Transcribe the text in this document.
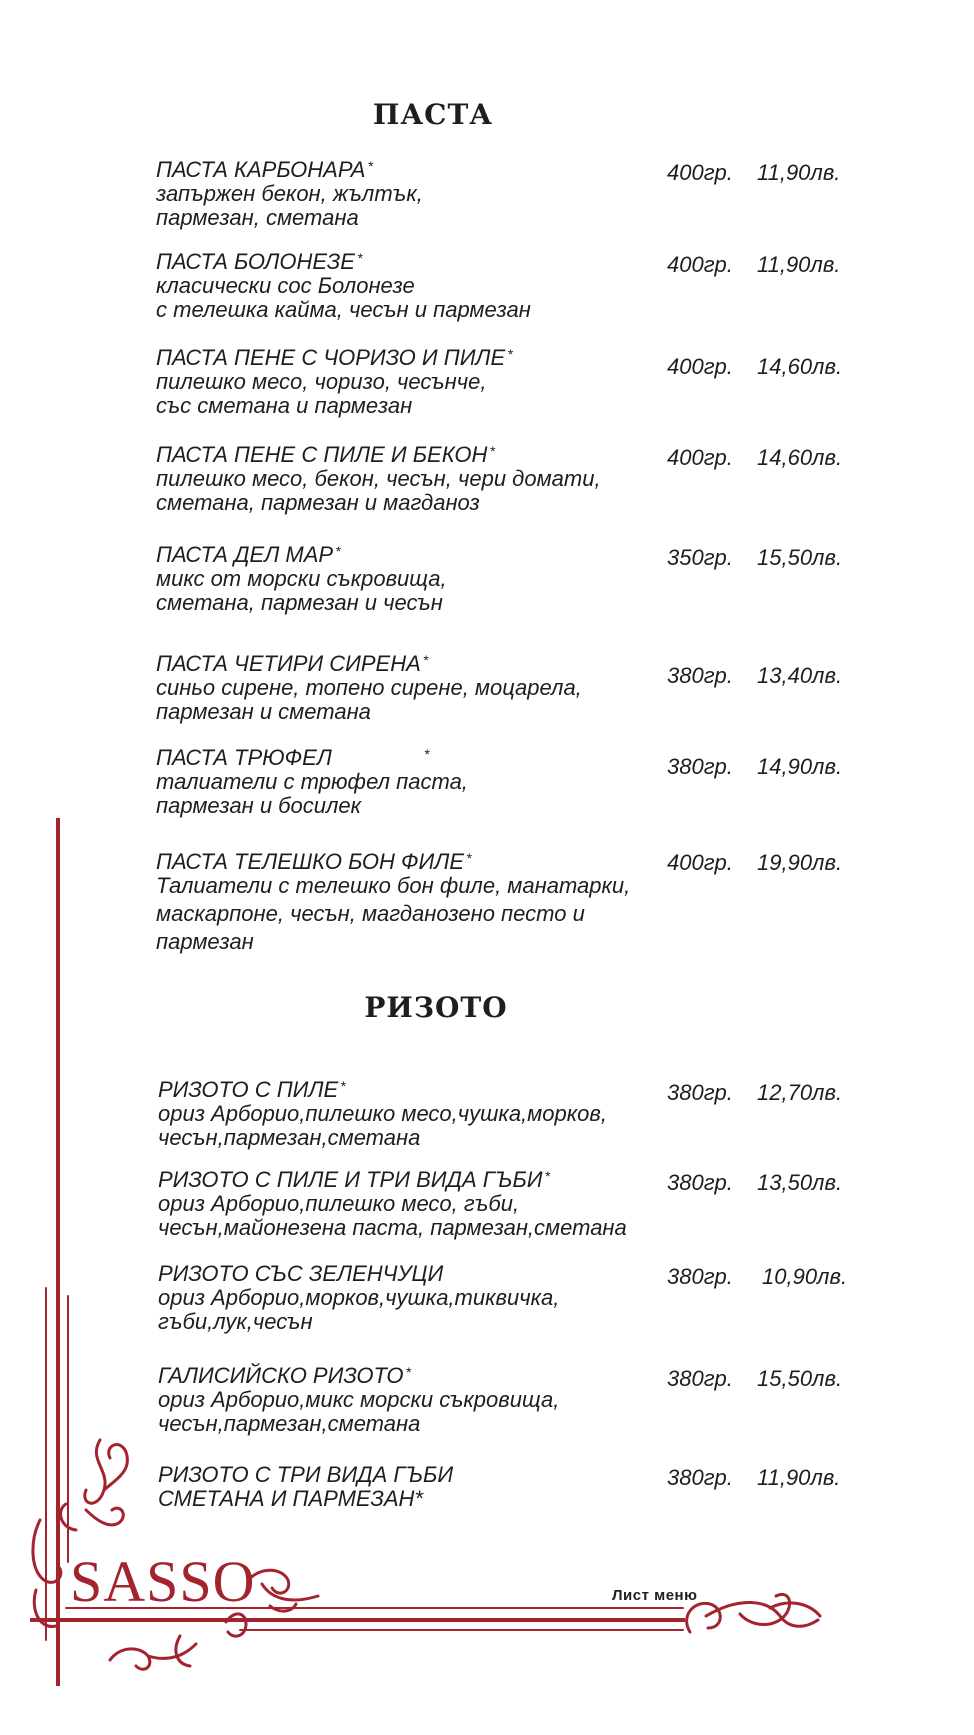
ПАСТА
РИЗОТО
ПАСТА КАРБОНАРА *
запържен бекон, жълтък,
пармезан, сметана
400гр. 11,90лв.
ПАСТА БОЛОНЕЗЕ *
класически сос Болонезе
с телешка кайма, чесън и пармезан
400гр. 11,90лв.
ПАСТА ПЕНЕ С ЧОРИЗО И ПИЛЕ *
пилешко месо, чоризо, чесънче,
със сметана и пармезан
400гр. 14,60лв.
ПАСТА ПЕНЕ С ПИЛЕ И БЕКОН *
пилешко месо, бекон, чесън, чери домати,
сметана, пармезан и магданоз
400гр. 14,60лв.
ПАСТА ДЕЛ МАР *
микс от морски съкровища,
сметана, пармезан и чесън
350гр. 15,50лв.
ПАСТА ЧЕТИРИ СИРЕНА *
синьо сирене, топено сирене, моцарела,
пармезан и сметана
380гр. 13,40лв.
ПАСТА ТРЮФЕЛ	*
талиатели с трюфел паста,
пармезан и босилек
380гр. 14,90лв.
ПАСТА ТЕЛЕШКО БОН ФИЛЕ *
Талиатели с телешко бон филе, манатарки,
маскарпоне, чесън, магданозено песто и
пармезан
400гр. 19,90лв.
РИЗОТО С ПИЛЕ *
ориз Арборио,пилешко месо,чушка,морков,
чесън,пармезан,сметана
380гр. 12,70лв.
РИЗОТО С ПИЛЕ И ТРИ ВИДА ГЪБИ *
ориз Арборио,пилешко месо, гъби,
чесън,майонезена паста, пармезан,сметана
380гр. 13,50лв.
РИЗОТО СЪС ЗЕЛЕНЧУЦИ
ориз Арборио,морков,чушка,тиквичка,
гъби,лук,чесън
380гр. 10,90лв.
ГАЛИСИЙСКО РИЗОТО *
ориз Арборио,микс морски съкровища,
чесън,пармезан,сметана
380гр. 15,50лв.
РИЗОТО С ТРИ ВИДА ГЪБИ
СМЕТАНА И ПАРМЕЗАН*
380гр. 11,90лв.
SASSO	Лист меню
